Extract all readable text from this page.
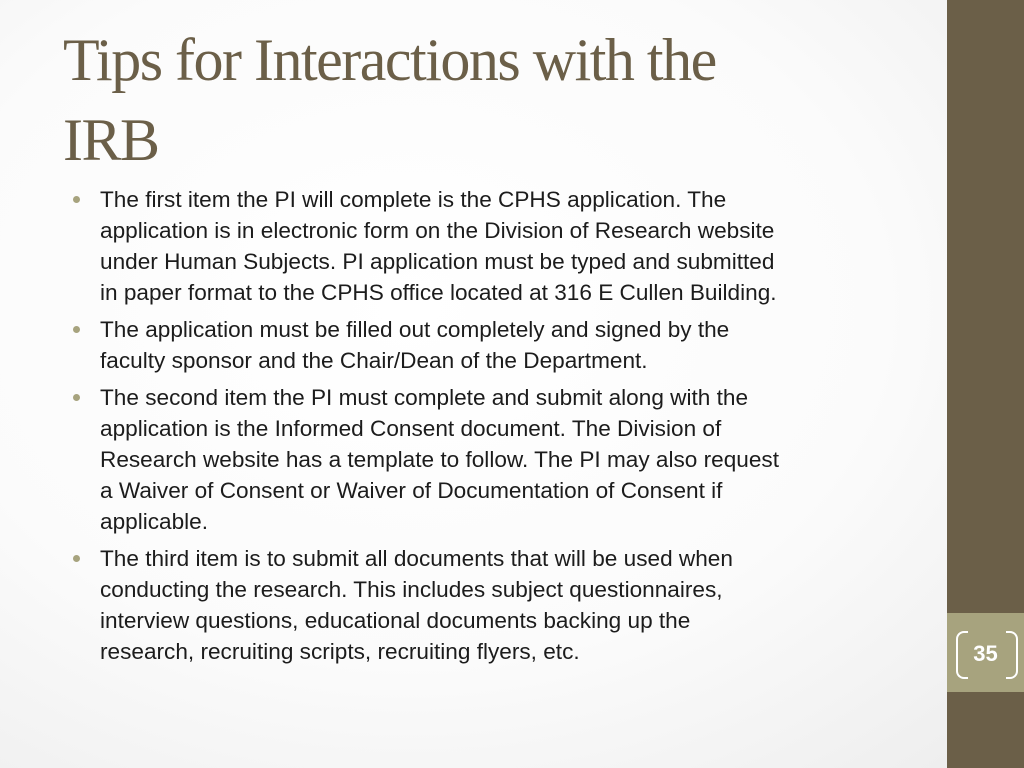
35
Tips for Interactions with the
IRB
The first item the PI will complete is the CPHS application. The
application is in electronic form on the Division of Research website
under Human Subjects. PI application must be typed and submitted
in paper format to the CPHS office located at 316 E Cullen Building.
The application must be filled out completely and signed by the
faculty sponsor and the Chair/Dean of the Department.
The second item the PI must complete and submit along with the
application is the Informed Consent document. The Division of
Research website has a template to follow. The PI may also request
a Waiver of Consent or Waiver of Documentation of Consent if
applicable.
The third item is to submit all documents that will be used when
conducting the research. This includes subject questionnaires,
interview questions, educational documents backing up the
research, recruiting scripts, recruiting flyers, etc.
